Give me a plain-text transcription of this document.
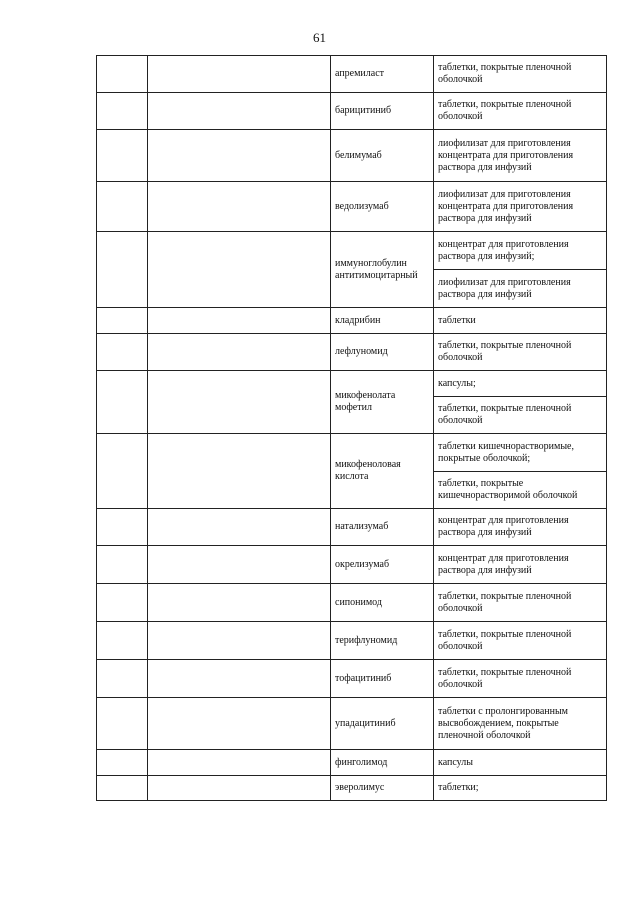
61
		апремиласт	таблетки, покрытые пленочной оболочкой
		барицитиниб	таблетки, покрытые пленочной оболочкой
		белимумаб	лиофилизат для приготовления концентрата для приготовления раствора для инфузий
		ведолизумаб	лиофилизат для приготовления концентрата для приготовления раствора для инфузий
		иммуноглобулин антитимоцитарный	концентрат для приготовления раствора для инфузий;
			лиофилизат для приготовления раствора для инфузий
		кладрибин	таблетки
		лефлуномид	таблетки, покрытые пленочной оболочкой
		микофенолата мофетил	капсулы;
			таблетки, покрытые пленочной оболочкой
		микофеноловая кислота	таблетки кишечнорастворимые, покрытые оболочкой;
			таблетки, покрытые кишечнорастворимой оболочкой
		натализумаб	концентрат для приготовления раствора для инфузий
		окрелизумаб	концентрат для приготовления раствора для инфузий
		сипонимод	таблетки, покрытые пленочной оболочкой
		терифлуномид	таблетки, покрытые пленочной оболочкой
		тофацитиниб	таблетки, покрытые пленочной оболочкой
		упадацитиниб	таблетки с пролонгированным высвобождением, покрытые пленочной оболочкой
		финголимод	капсулы
		эверолимус	таблетки;
